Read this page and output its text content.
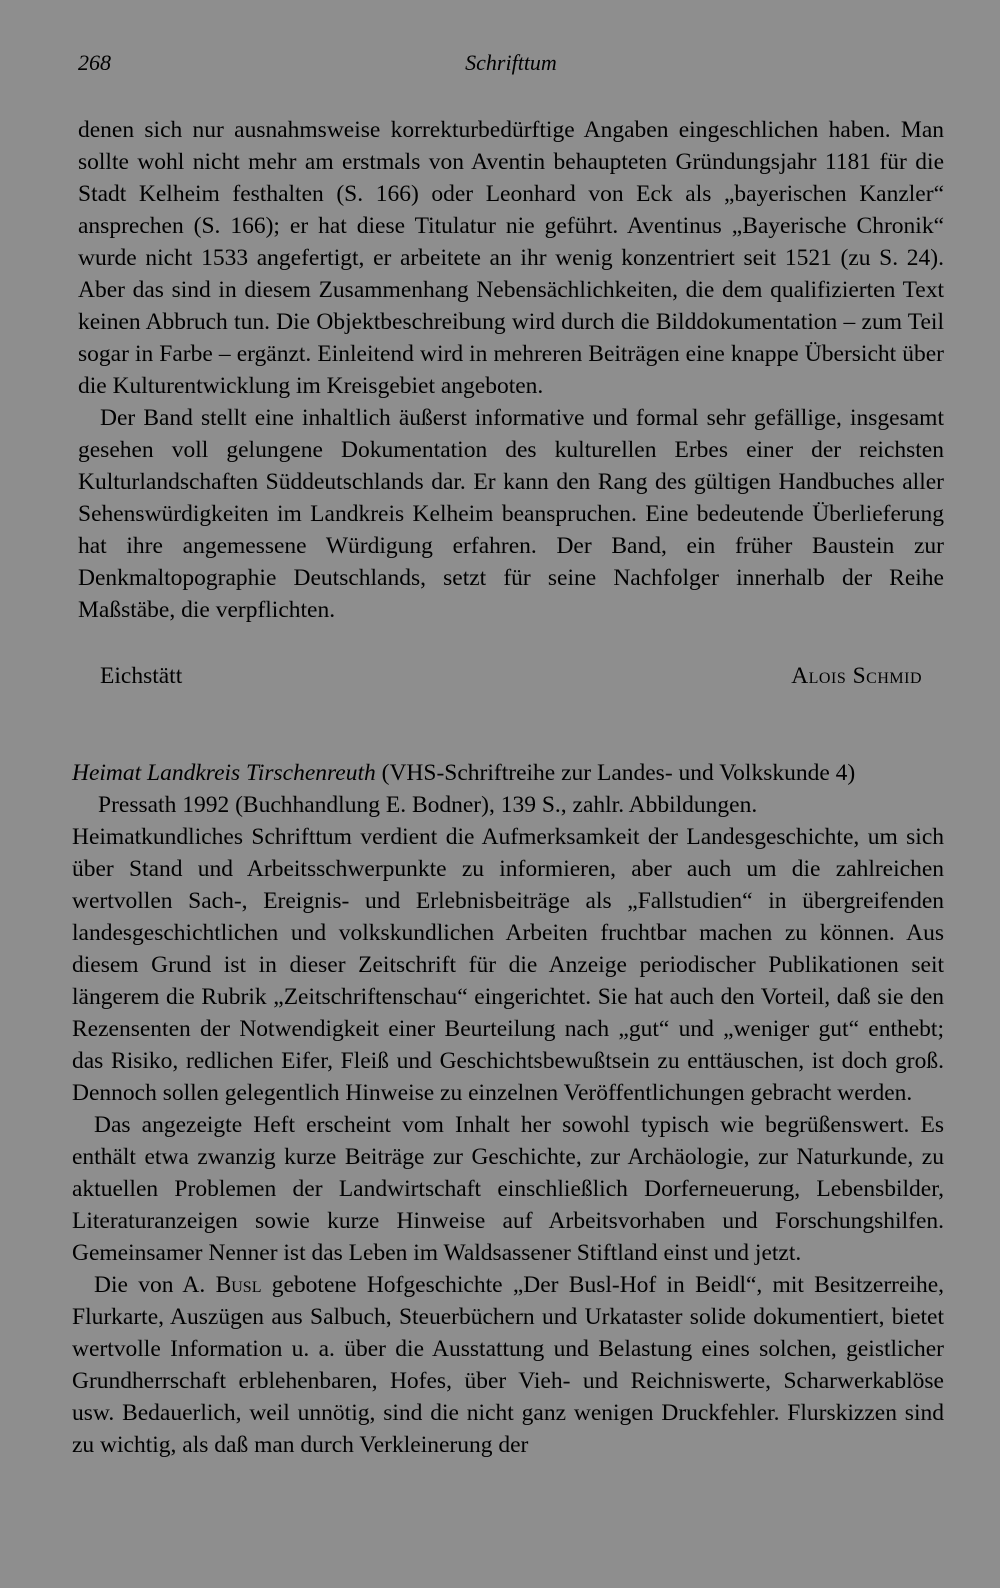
268	Schrifttum

denen sich nur ausnahmsweise korrekturbedürftige Angaben eingeschlichen haben. Man sollte wohl nicht mehr am erstmals von Aventin behaupteten Gründungsjahr 1181 für die Stadt Kelheim festhalten (S. 166) oder Leonhard von Eck als „bayerischen Kanzler“ ansprechen (S. 166); er hat diese Titulatur nie geführt. Aventinus „Bayerische Chronik“ wurde nicht 1533 angefertigt, er arbeitete an ihr wenig konzentriert seit 1521 (zu S. 24). Aber das sind in diesem Zusammenhang Nebensächlichkeiten, die dem qualifizierten Text keinen Abbruch tun. Die Objektbeschreibung wird durch die Bilddokumentation – zum Teil sogar in Farbe – ergänzt. Einleitend wird in mehreren Beiträgen eine knappe Übersicht über die Kulturentwicklung im Kreisgebiet angeboten.

Der Band stellt eine inhaltlich äußerst informative und formal sehr gefällige, insgesamt gesehen voll gelungene Dokumentation des kulturellen Erbes einer der reichsten Kulturlandschaften Süddeutschlands dar. Er kann den Rang des gültigen Handbuches aller Sehenswürdigkeiten im Landkreis Kelheim beanspruchen. Eine bedeutende Überlieferung hat ihre angemessene Würdigung erfahren. Der Band, ein früher Baustein zur Denkmaltopographie Deutschlands, setzt für seine Nachfolger innerhalb der Reihe Maßstäbe, die verpflichten.

Eichstätt	Alois Schmid

Heimat Landkreis Tirschenreuth (VHS-Schriftreihe zur Landes- und Volkskunde 4)

Pressath 1992 (Buchhandlung E. Bodner), 139 S., zahlr. Abbildungen.

Heimatkundliches Schrifttum verdient die Aufmerksamkeit der Landesgeschichte, um sich über Stand und Arbeitsschwerpunkte zu informieren, aber auch um die zahlreichen wertvollen Sach-, Ereignis- und Erlebnisbeiträge als „Fallstudien“ in übergreifenden landesgeschichtlichen und volkskundlichen Arbeiten fruchtbar machen zu können. Aus diesem Grund ist in dieser Zeitschrift für die Anzeige periodischer Publikationen seit längerem die Rubrik „Zeitschriftenschau“ eingerichtet. Sie hat auch den Vorteil, daß sie den Rezensenten der Notwendigkeit einer Beurteilung nach „gut“ und „weniger gut“ enthebt; das Risiko, redlichen Eifer, Fleiß und Geschichtsbewußtsein zu enttäuschen, ist doch groß. Dennoch sollen gelegentlich Hinweise zu einzelnen Veröffentlichungen gebracht werden.

Das angezeigte Heft erscheint vom Inhalt her sowohl typisch wie begrüßenswert. Es enthält etwa zwanzig kurze Beiträge zur Geschichte, zur Archäologie, zur Naturkunde, zu aktuellen Problemen der Landwirtschaft einschließlich Dorferneuerung, Lebensbilder, Literaturanzeigen sowie kurze Hinweise auf Arbeitsvorhaben und Forschungshilfen. Gemeinsamer Nenner ist das Leben im Waldsassener Stiftland einst und jetzt.

Die von A. Busl gebotene Hofgeschichte „Der Busl-Hof in Beidl“, mit Besitzerreihe, Flurkarte, Auszügen aus Salbuch, Steuerbüchern und Urkataster solide dokumentiert, bietet wertvolle Information u. a. über die Ausstattung und Belastung eines solchen, geistlicher Grundherrschaft erblehenbaren, Hofes, über Vieh- und Reichniswerte, Scharwerkablöse usw. Bedauerlich, weil unnötig, sind die nicht ganz wenigen Druckfehler. Flurskizzen sind zu wichtig, als daß man durch Verkleinerung der
